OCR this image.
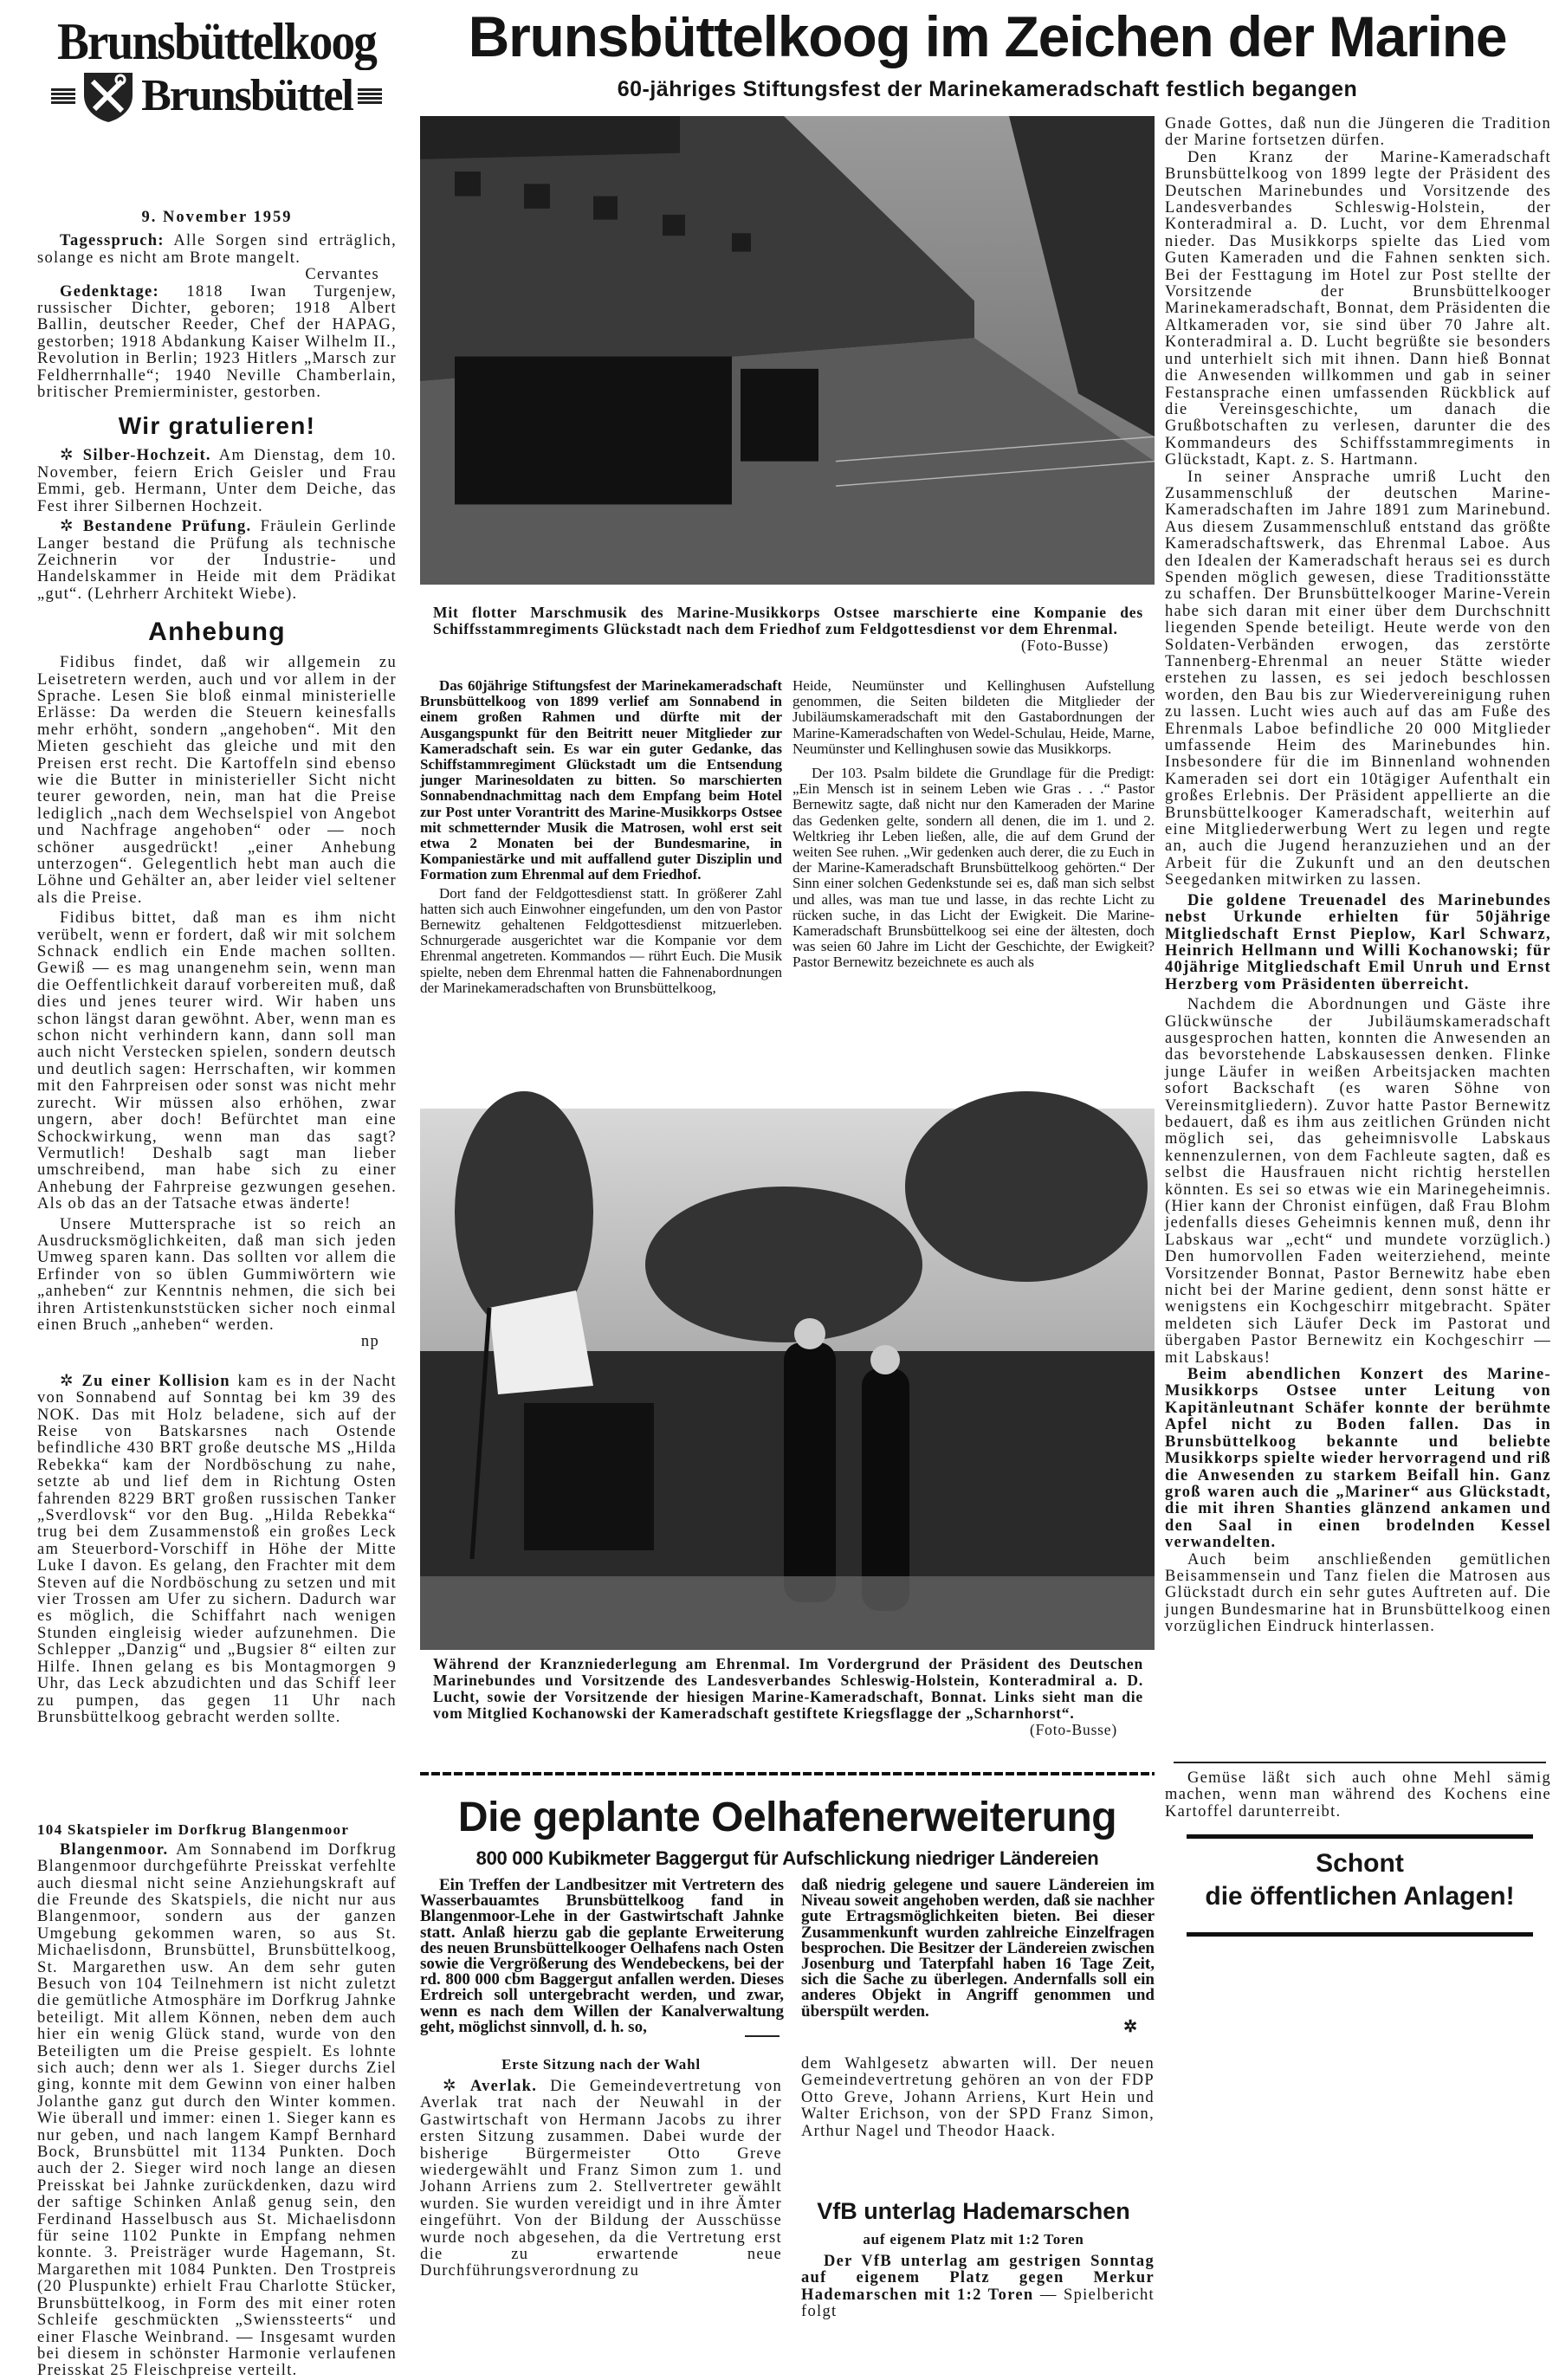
Brunsbüttelkoog
Brunsbüttel
9. November 1959

Tagesspruch: Alle Sorgen sind erträglich, solange es nicht am Brote mangelt.

Cervantes

Gedenktage: 1818 Iwan Turgenjew, russischer Dichter, geboren; 1918 Albert Ballin, deutscher Reeder, Chef der HAPAG, gestorben; 1918 Abdankung Kaiser Wilhelm II., Revolution in Berlin; 1923 Hitlers „Marsch zur Feldherrnhalle“; 1940 Neville Chamberlain, britischer Premierminister, gestorben.

Wir gratulieren!

✲ Silber-Hochzeit. Am Dienstag, dem 10. November, feiern Erich Geisler und Frau Emmi, geb. Hermann, Unter dem Deiche, das Fest ihrer Silbernen Hochzeit.

✲ Bestandene Prüfung. Fräulein Gerlinde Langer bestand die Prüfung als technische Zeichnerin vor der Industrie- und Handelskammer in Heide mit dem Prädikat „gut“. (Lehrherr Architekt Wiebe).

Anhebung

Fidibus findet, daß wir allgemein zu Leisetretern werden, auch und vor allem in der Sprache. Lesen Sie bloß einmal ministerielle Erlässe: Da werden die Steuern keinesfalls mehr erhöht, sondern „angehoben“. Mit den Mieten geschieht das gleiche und mit den Preisen erst recht. Die Kartoffeln sind ebenso wie die Butter in ministerieller Sicht nicht teurer geworden, nein, man hat die Preise lediglich „nach dem Wechselspiel von Angebot und Nachfrage angehoben“ oder — noch schöner ausgedrückt! „einer Anhebung unterzogen“. Gelegentlich hebt man auch die Löhne und Gehälter an, aber leider viel seltener als die Preise.

Fidibus bittet, daß man es ihm nicht verübelt, wenn er fordert, daß wir mit solchem Schnack endlich ein Ende machen sollten. Gewiß — es mag unangenehm sein, wenn man die Oeffentlichkeit darauf vorbereiten muß, daß dies und jenes teurer wird. Wir haben uns schon längst daran gewöhnt. Aber, wenn man es schon nicht verhindern kann, dann soll man auch nicht Verstecken spielen, sondern deutsch und deutlich sagen: Herrschaften, wir kommen mit den Fahrpreisen oder sonst was nicht mehr zurecht. Wir müssen also erhöhen, zwar ungern, aber doch! Befürchtet man eine Schockwirkung, wenn man das sagt? Vermutlich! Deshalb sagt man lieber umschreibend, man habe sich zu einer Anhebung der Fahrpreise gezwungen gesehen. Als ob das an der Tatsache etwas änderte!

Unsere Muttersprache ist so reich an Ausdrucksmöglichkeiten, daß man sich jeden Umweg sparen kann. Das sollten vor allem die Erfinder von so üblen Gummiwörtern wie „anheben“ zur Kenntnis nehmen, die sich bei ihren Artistenkunststücken sicher noch einmal einen Bruch „anheben“ werden.

np

✲ Zu einer Kollision kam es in der Nacht von Sonnabend auf Sonntag bei km 39 des NOK. Das mit Holz beladene, sich auf der Reise von Batskarsnes nach Ostende befindliche 430 BRT große deutsche MS „Hilda Rebekka“ kam der Nordböschung zu nahe, setzte ab und lief dem in Richtung Osten fahrenden 8229 BRT großen russischen Tanker „Sverdlovsk“ vor den Bug. „Hilda Rebekka“ trug bei dem Zusammenstoß ein großes Leck am Steuerbord-Vorschiff in Höhe der Mitte Luke I davon. Es gelang, den Frachter mit dem Steven auf die Nordböschung zu setzen und mit vier Trossen am Ufer zu sichern. Dadurch war es möglich, die Schiffahrt nach wenigen Stunden eingleisig wieder aufzunehmen. Die Schlepper „Danzig“ und „Bugsier 8“ eilten zur Hilfe. Ihnen gelang es bis Montagmorgen 9 Uhr, das Leck abzudichten und das Schiff leer zu pumpen, das gegen 11 Uhr nach Brunsbüttelkoog gebracht werden sollte.

104 Skatspieler im Dorfkrug Blangenmoor

Blangenmoor. Am Sonnabend im Dorfkrug Blangenmoor durchgeführte Preisskat verfehlte auch diesmal nicht seine Anziehungskraft auf die Freunde des Skatspiels, die nicht nur aus Blangenmoor, sondern aus der ganzen Umgebung gekommen waren, so aus St. Michaelisdonn, Brunsbüttel, Brunsbüttelkoog, St. Margarethen usw. An dem sehr guten Besuch von 104 Teilnehmern ist nicht zuletzt die gemütliche Atmosphäre im Dorfkrug Jahnke beteiligt. Mit allem Können, neben dem auch hier ein wenig Glück stand, wurde von den Beteiligten um die Preise gespielt. Es lohnte sich auch; denn wer als 1. Sieger durchs Ziel ging, konnte mit dem Gewinn von einer halben Jolanthe ganz gut durch den Winter kommen. Wie überall und immer: einen 1. Sieger kann es nur geben, und nach langem Kampf Bernhard Bock, Brunsbüttel mit 1134 Punkten. Doch auch der 2. Sieger wird noch lange an diesen Preisskat bei Jahnke zurückdenken, dazu wird der saftige Schinken Anlaß genug sein, den Ferdinand Hasselbusch aus St. Michaelisdonn für seine 1102 Punkte in Empfang nehmen konnte. 3. Preisträger wurde Hagemann, St. Margarethen mit 1084 Punkten. Den Trostpreis (20 Pluspunkte) erhielt Frau Charlotte Stücker, Brunsbüttelkoog, in Form des mit einer roten Schleife geschmückten „Swienssteerts“ und einer Flasche Weinbrand. — Insgesamt wurden bei diesem in schönster Harmonie verlaufenen Preisskat 25 Fleischpreise verteilt.

Brunsbüttelkoog im Zeichen der Marine
60-jähriges Stiftungsfest der Marinekameradschaft festlich begangen
Mit flotter Marschmusik des Marine-Musikkorps Ostsee marschierte eine Kompanie des Schiffsstammregiments Glückstadt nach dem Friedhof zum Feldgottesdienst vor dem Ehrenmal.
(Foto-Busse)

Das 60jährige Stiftungsfest der Marinekameradschaft Brunsbüttelkoog von 1899 verlief am Sonnabend in einem großen Rahmen und dürfte mit der Ausgangspunkt für den Beitritt neuer Mitglieder zur Kameradschaft sein. Es war ein guter Gedanke, das Schiffstammregiment Glückstadt um die Entsendung junger Marinesoldaten zu bitten. So marschierten Sonnabendnachmittag nach dem Empfang beim Hotel zur Post unter Vorantritt des Marine-Musikkorps Ostsee mit schmetternder Musik die Matrosen, wohl erst seit etwa 2 Monaten bei der Bundesmarine, in Kompaniestärke und mit auffallend guter Disziplin und Formation zum Ehrenmal auf dem Friedhof.

Dort fand der Feldgottesdienst statt. In größerer Zahl hatten sich auch Einwohner eingefunden, um den von Pastor Bernewitz gehaltenen Feldgottesdienst mitzuerleben. Schnurgerade ausgerichtet war die Kompanie vor dem Ehrenmal angetreten. Kommandos — rührt Euch. Die Musik spielte, neben dem Ehrenmal hatten die Fahnenabordnungen der Marinekameradschaften von Brunsbüttelkoog,

Heide, Neumünster und Kellinghusen Aufstellung genommen, die Seiten bildeten die Mitglieder der Jubiläumskameradschaft mit den Gastabordnungen der Marine-Kameradschaften von Wedel-Schulau, Heide, Marne, Neumünster und Kellinghusen sowie das Musikkorps.

Der 103. Psalm bildete die Grundlage für die Predigt: „Ein Mensch ist in seinem Leben wie Gras . . .“ Pastor Bernewitz sagte, daß nicht nur den Kameraden der Marine das Gedenken gelte, sondern all denen, die im 1. und 2. Weltkrieg ihr Leben ließen, alle, die auf dem Grund der weiten See ruhen. „Wir gedenken auch derer, die zu Euch in der Marine-Kameradschaft Brunsbüttelkoog gehörten.“ Der Sinn einer solchen Gedenkstunde sei es, daß man sich selbst und alles, was man tue und lasse, in das rechte Licht zu rücken suche, in das Licht der Ewigkeit. Die Marine-Kameradschaft Brunsbüttelkoog sei eine der ältesten, doch was seien 60 Jahre im Licht der Geschichte, der Ewigkeit? Pastor Bernewitz bezeichnete es auch als

Während der Kranzniederlegung am Ehrenmal. Im Vordergrund der Präsident des Deutschen Marinebundes und Vorsitzende des Landesverbandes Schleswig-Holstein, Konteradmiral a. D. Lucht, sowie der Vorsitzende der hiesigen Marine-Kameradschaft, Bonnat. Links sieht man die vom Mitglied Kochanowski der Kameradschaft gestiftete Kriegsflagge der „Scharnhorst“.
(Foto-Busse)

Gnade Gottes, daß nun die Jüngeren die Tradition der Marine fortsetzen dürfen.

Den Kranz der Marine-Kameradschaft Brunsbüttelkoog von 1899 legte der Präsident des Deutschen Marinebundes und Vorsitzende des Landesverbandes Schleswig-Holstein, der Konteradmiral a. D. Lucht, vor dem Ehrenmal nieder. Das Musikkorps spielte das Lied vom Guten Kameraden und die Fahnen senkten sich. Bei der Festtagung im Hotel zur Post stellte der Vorsitzende der Brunsbüttelkooger Marinekameradschaft, Bonnat, dem Präsidenten die Altkameraden vor, sie sind über 70 Jahre alt. Konteradmiral a. D. Lucht begrüßte sie besonders und unterhielt sich mit ihnen. Dann hieß Bonnat die Anwesenden willkommen und gab in seiner Festansprache einen umfassenden Rückblick auf die Vereinsgeschichte, um danach die Grußbotschaften zu verlesen, darunter die des Kommandeurs des Schiffsstammregiments in Glückstadt, Kapt. z. S. Hartmann.

In seiner Ansprache umriß Lucht den Zusammenschluß der deutschen Marine-Kameradschaften im Jahre 1891 zum Marinebund. Aus diesem Zusammenschluß entstand das größte Kameradschaftswerk, das Ehrenmal Laboe. Aus den Idealen der Kameradschaft heraus sei es durch Spenden möglich gewesen, diese Traditionsstätte zu schaffen. Der Brunsbüttelkooger Marine-Verein habe sich daran mit einer über dem Durchschnitt liegenden Spende beteiligt. Heute werde von den Soldaten-Verbänden erwogen, das zerstörte Tannenberg-Ehrenmal an neuer Stätte wieder erstehen zu lassen, es sei jedoch beschlossen worden, den Bau bis zur Wiedervereinigung ruhen zu lassen. Lucht wies auch auf das am Fuße des Ehrenmals Laboe befindliche 20 000 Mitglieder umfassende Heim des Marinebundes hin. Insbesondere für die im Binnenland wohnenden Kameraden sei dort ein 10tägiger Aufenthalt ein großes Erlebnis. Der Präsident appellierte an die Brunsbüttelkooger Kameradschaft, weiterhin auf eine Mitgliederwerbung Wert zu legen und regte an, auch die Jugend heranzuziehen und an der Arbeit für die Zukunft und an den deutschen Seegedanken mitwirken zu lassen.

Die goldene Treuenadel des Marinebundes nebst Urkunde erhielten für 50jährige Mitgliedschaft Ernst Pieplow, Karl Schwarz, Heinrich Hellmann und Willi Kochanowski; für 40jährige Mitgliedschaft Emil Unruh und Ernst Herzberg vom Präsidenten überreicht.

Nachdem die Abordnungen und Gäste ihre Glückwünsche der Jubiläumskameradschaft ausgesprochen hatten, konnten die Anwesenden an das bevorstehende Labskausessen denken. Flinke junge Läufer in weißen Arbeitsjacken machten sofort Backschaft (es waren Söhne von Vereinsmitgliedern). Zuvor hatte Pastor Bernewitz bedauert, daß es ihm aus zeitlichen Gründen nicht möglich sei, das geheimnisvolle Labskaus kennenzulernen, von dem Fachleute sagten, daß es selbst die Hausfrauen nicht richtig herstellen könnten. Es sei so etwas wie ein Marinegeheimnis. (Hier kann der Chronist einfügen, daß Frau Blohm jedenfalls dieses Geheimnis kennen muß, denn ihr Labskaus war „echt“ und mundete vorzüglich.) Den humorvollen Faden weiterziehend, meinte Vorsitzender Bonnat, Pastor Bernewitz habe eben nicht bei der Marine gedient, denn sonst hätte er wenigstens ein Kochgeschirr mitgebracht. Später meldeten sich Läufer Deck im Pastorat und übergaben Pastor Bernewitz ein Kochgeschirr — mit Labskaus!

Beim abendlichen Konzert des Marine-Musikkorps Ostsee unter Leitung von Kapitänleutnant Schäfer konnte der berühmte Apfel nicht zu Boden fallen. Das in Brunsbüttelkoog bekannte und beliebte Musikkorps spielte wieder hervorragend und riß die Anwesenden zu starkem Beifall hin. Ganz groß waren auch die „Mariner“ aus Glückstadt, die mit ihren Shanties glänzend ankamen und den Saal in einen brodelnden Kessel verwandelten.

Auch beim anschließenden gemütlichen Beisammensein und Tanz fielen die Matrosen aus Glückstadt durch ein sehr gutes Auftreten auf. Die jungen Bundesmarine hat in Brunsbüttelkoog einen vorzüglichen Eindruck hinterlassen.

Gemüse läßt sich auch ohne Mehl sämig machen, wenn man während des Kochens eine Kartoffel darunterreibt.

Schont
die öffentlichen Anlagen!
Die geplante Oelhafenerweiterung
800 000 Kubikmeter Baggergut für Aufschlickung niedriger Ländereien

Ein Treffen der Landbesitzer mit Vertretern des Wasserbauamtes Brunsbüttelkoog fand in Blangenmoor-Lehe in der Gastwirtschaft Jahnke statt. Anlaß hierzu gab die geplante Erweiterung des neuen Brunsbüttelkooger Oelhafens nach Osten sowie die Vergrößerung des Wendebeckens, bei der rd. 800 000 cbm Baggergut anfallen werden. Dieses Erdreich soll untergebracht werden, und zwar, wenn es nach dem Willen der Kanalverwaltung geht, möglichst sinnvoll, d. h. so,

daß niedrig gelegene und sauere Ländereien im Niveau soweit angehoben werden, daß sie nachher gute Ertragsmöglichkeiten bieten. Bei dieser Zusammenkunft wurden zahlreiche Einzelfragen besprochen. Die Besitzer der Ländereien zwischen Josenburg und Taterpfahl haben 16 Tage Zeit, sich die Sache zu überlegen. Andernfalls soll ein anderes Objekt in Angriff genommen und überspült werden.

✲
Erste Sitzung nach der Wahl

✲ Averlak. Die Gemeindevertretung von Averlak trat nach der Neuwahl in der Gastwirtschaft von Hermann Jacobs zu ihrer ersten Sitzung zusammen. Dabei wurde der bisherige Bürgermeister Otto Greve wiedergewählt und Franz Simon zum 1. und Johann Arriens zum 2. Stellvertreter gewählt wurden. Sie wurden vereidigt und in ihre Ämter eingeführt. Von der Bildung der Ausschüsse wurde noch abgesehen, da die Vertretung erst die zu erwartende neue Durchführungsverordnung zu

dem Wahlgesetz abwarten will. Der neuen Gemeindevertretung gehören an von der FDP Otto Greve, Johann Arriens, Kurt Hein und Walter Erichson, von der SPD Franz Simon, Arthur Nagel und Theodor Haack.

VfB unterlag Hademarschen
auf eigenem Platz mit 1:2 Toren

Der VfB unterlag am gestrigen Sonntag auf eigenem Platz gegen Merkur Hademarschen mit 1:2 Toren — Spielbericht folgt
